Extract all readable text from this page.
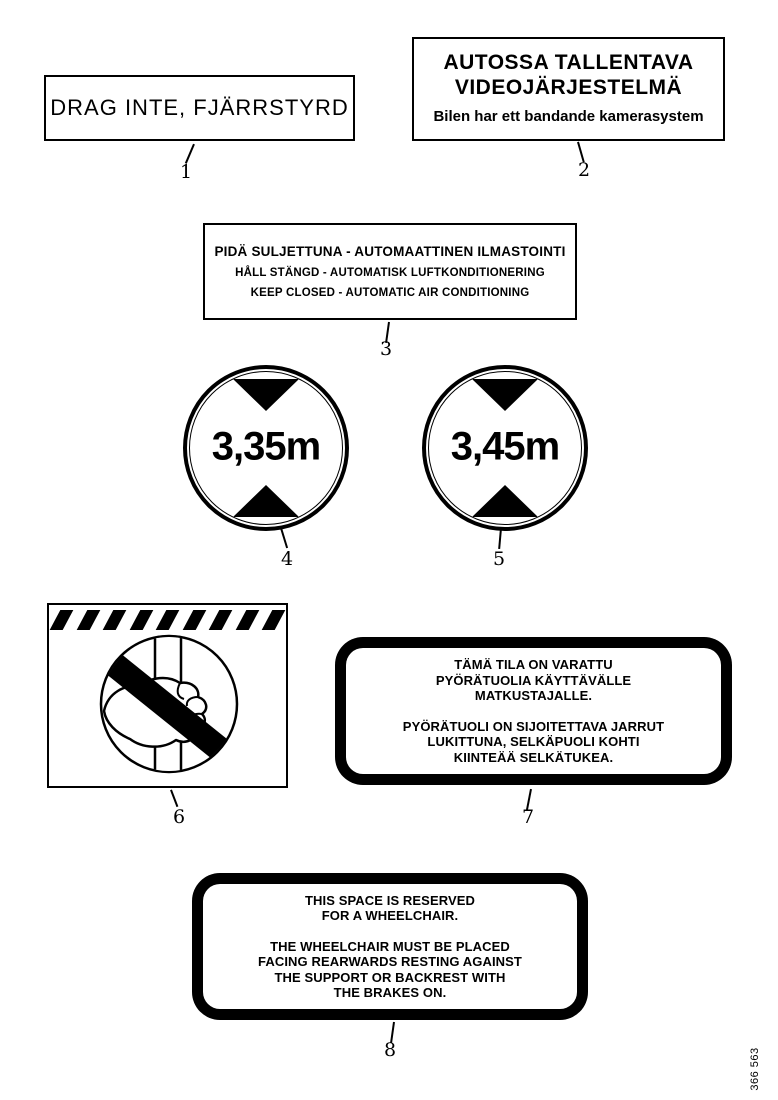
DRAG INTE, FJÄRRSTYRD
AUTOSSA TALLENTAVA
VIDEOJÄRJESTELMÄ
Bilen har ett bandande kamerasystem
PIDÄ SULJETTUNA - AUTOMAATTINEN ILMASTOINTI
HÅLL STÄNGD - AUTOMATISK LUFTKONDITIONERING
KEEP CLOSED - AUTOMATIC AIR CONDITIONING
3,35m	3,45m
TÄMÄ TILA ON VARATTU
PYÖRÄTUOLIA KÄYTTÄVÄLLE
MATKUSTAJALLE.
PYÖRÄTUOLI ON SIJOITETTAVA JARRUT
LUKITTUNA, SELKÄPUOLI KOHTI
KIINTEÄÄ SELKÄTUKEA.
THIS SPACE IS RESERVED
FOR A WHEELCHAIR.
THE WHEELCHAIR MUST BE PLACED
FACING REARWARDS RESTING AGAINST
THE SUPPORT OR BACKREST WITH
THE BRAKES ON.
1	2
3
4	5
6	7
8	366 563
